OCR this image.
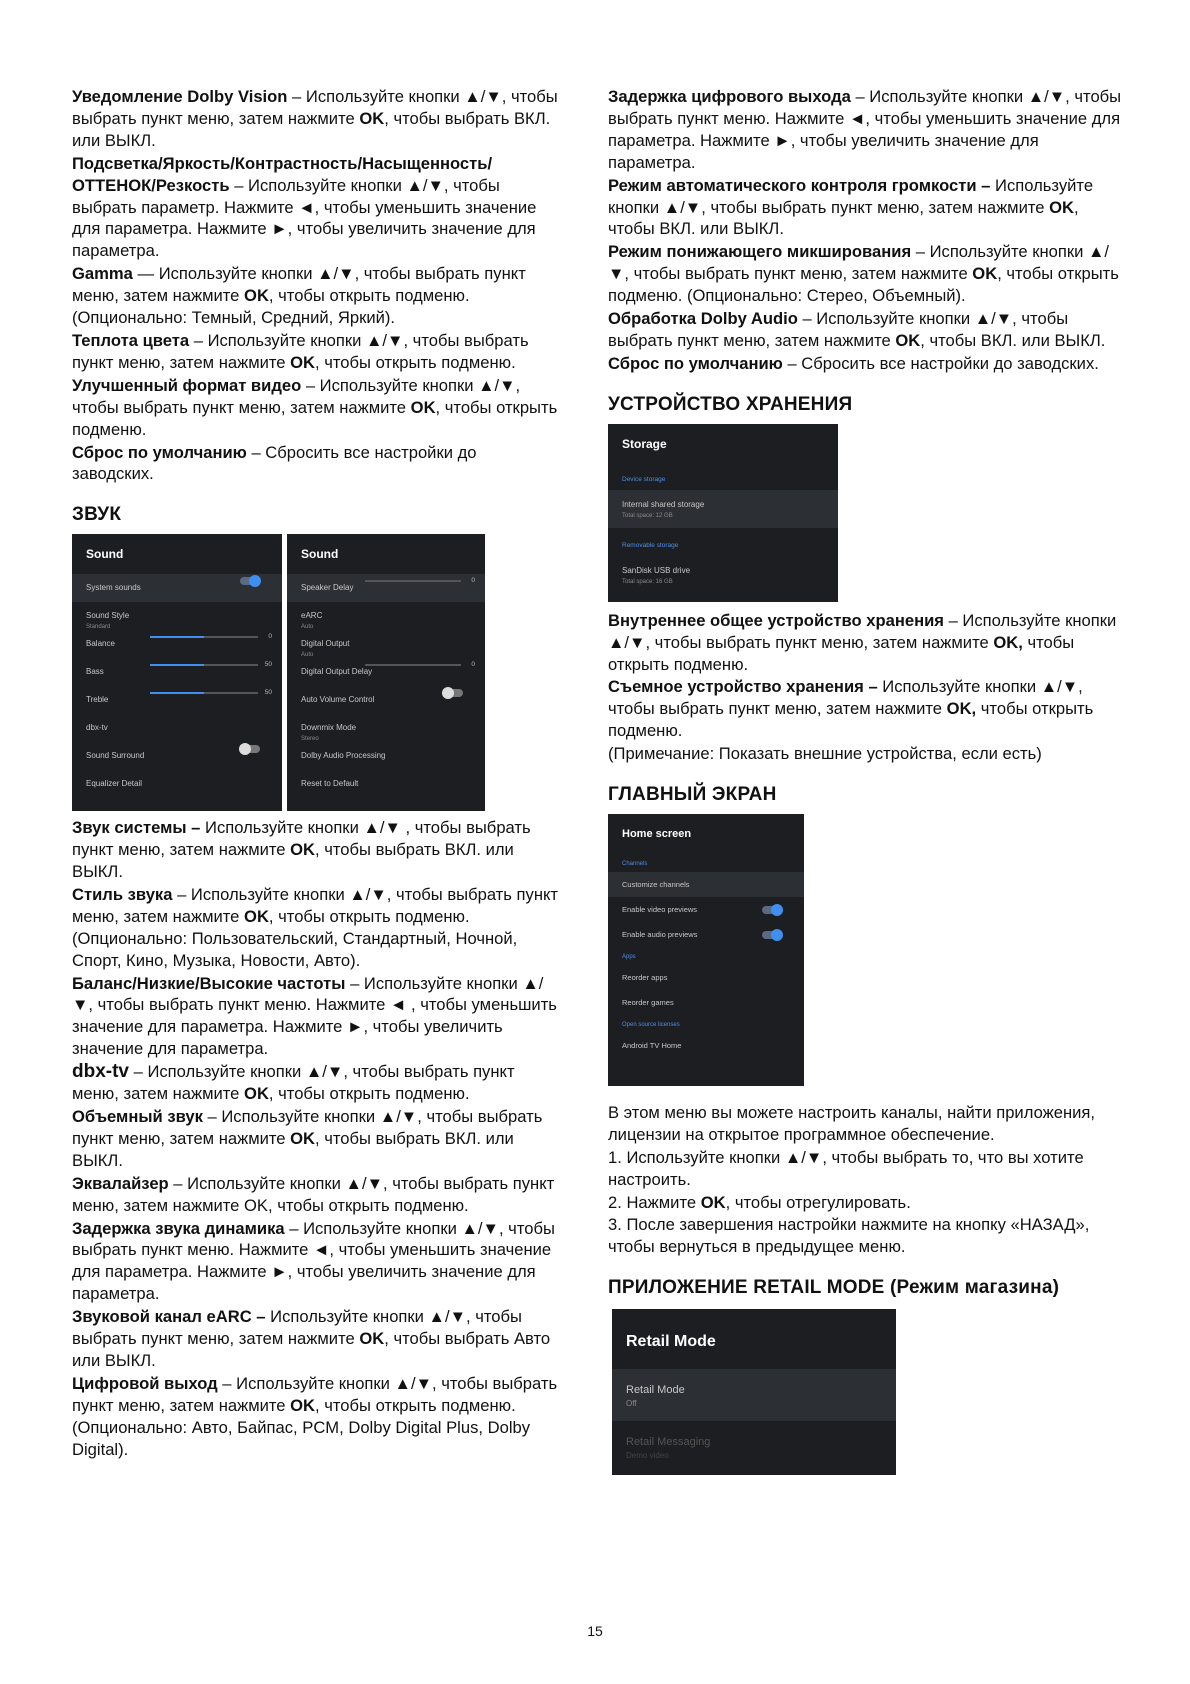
Уведомление Dolby Vision – Используйте кнопки ▲/▼, чтобы выбрать пункт меню, затем нажмите OK, чтобы выбрать ВКЛ. или ВЫКЛ.
Подсветка/Яркость/Контрастность/Насыщенность/ ОТТЕНОК/Резкость – Используйте кнопки ▲/▼, чтобы выбрать параметр. Нажмите ◄, чтобы уменьшить значение для параметра. Нажмите ►, чтобы увеличить значение для параметра.
Gamma — Используйте кнопки ▲/▼, чтобы выбрать пункт меню, затем нажмите OK, чтобы открыть подменю. (Опционально: Темный, Средний, Яркий).
Теплота цвета – Используйте кнопки ▲/▼, чтобы выбрать пункт меню, затем нажмите OK, чтобы открыть подменю.
Улучшенный формат видео – Используйте кнопки ▲/▼, чтобы выбрать пункт меню, затем нажмите OK, чтобы открыть подменю.
Сброс по умолчанию – Сбросить все настройки до заводских.
ЗВУК
Sound
System sounds
Sound Style
Standard
Balance
0
Bass
50
Treble
50
dbx-tv
Sound Surround
Equalizer Detail
Sound
Speaker Delay
0
eARC
Auto
Digital Output
Auto
Digital Output Delay
0
Auto Volume Control
Downmix Mode
Stereo
Dolby Audio Processing
Reset to Default
Звук системы – Используйте кнопки ▲/▼ , чтобы выбрать пункт меню, затем нажмите OK, чтобы выбрать ВКЛ. или ВЫКЛ.
Стиль звука – Используйте кнопки ▲/▼, чтобы выбрать пункт меню, затем нажмите OK, чтобы открыть подменю. (Опционально: Пользовательский, Стандартный, Ночной, Спорт, Кино, Музыка, Новости, Авто).
Баланс/Низкие/Высокие частоты – Используйте кнопки ▲/▼, чтобы выбрать пункт меню. Нажмите ◄ , чтобы уменьшить значение для параметра. Нажмите ►, чтобы увеличить значение для параметра.
dbx-tv – Используйте кнопки ▲/▼, чтобы выбрать пункт меню, затем нажмите OK, чтобы открыть подменю.
Объемный звук – Используйте кнопки ▲/▼, чтобы выбрать пункт меню, затем нажмите OK, чтобы выбрать ВКЛ. или ВЫКЛ.
Эквалайзер – Используйте кнопки ▲/▼, чтобы выбрать пункт меню, затем нажмите OK, чтобы открыть подменю.
Задержка звука динамика – Используйте кнопки ▲/▼, чтобы выбрать пункт меню. Нажмите ◄, чтобы уменьшить значение для параметра. Нажмите ►, чтобы увеличить значение для параметра.
Звуковой канал eARC – Используйте кнопки ▲/▼, чтобы выбрать пункт меню, затем нажмите OK, чтобы выбрать Авто или ВЫКЛ.
Цифровой выход – Используйте кнопки ▲/▼, чтобы выбрать пункт меню, затем нажмите OK, чтобы открыть подменю. (Опционально: Авто, Байпас, PCM, Dolby Digital Plus, Dolby Digital).
Задержка цифрового выхода – Используйте кнопки ▲/▼, чтобы выбрать пункт меню. Нажмите ◄, чтобы уменьшить значение для параметра. Нажмите ►, чтобы увеличить значение для параметра.
Режим автоматического контроля громкости – Используйте кнопки ▲/▼, чтобы выбрать пункт меню, затем нажмите OK, чтобы ВКЛ. или ВЫКЛ.
Режим понижающего микширования – Используйте кнопки ▲/▼, чтобы выбрать пункт меню, затем нажмите OK, чтобы открыть подменю. (Опционально: Стерео, Объемный).
Обработка Dolby Audio – Используйте кнопки ▲/▼, чтобы выбрать пункт меню, затем нажмите OK, чтобы ВКЛ. или ВЫКЛ.
Сброс по умолчанию – Сбросить все настройки до заводских.
УСТРОЙСТВО ХРАНЕНИЯ
Storage
Device storage
Internal shared storage
Total space: 12 GB
Removable storage
SanDisk USB drive
Total space: 16 GB
Внутреннее общее устройство хранения – Используйте кнопки ▲/▼, чтобы выбрать пункт меню, затем нажмите OK, чтобы открыть подменю.
Съемное устройство хранения – Используйте кнопки ▲/▼, чтобы выбрать пункт меню, затем нажмите OK, чтобы открыть подменю.
(Примечание: Показать внешние устройства, если есть)
ГЛАВНЫЙ ЭКРАН
Home screen
Channels
Customize channels
Enable video previews
Enable audio previews
Apps
Reorder apps
Reorder games
Open source licenses
Android TV Home
В этом меню вы можете настроить каналы, найти приложения, лицензии на открытое программное обеспечение.
1. Используйте кнопки ▲/▼, чтобы выбрать то, что вы хотите настроить.
2. Нажмите OK, чтобы отрегулировать.
3. После завершения настройки нажмите на кнопку «НАЗАД», чтобы вернуться в предыдущее меню.
ПРИЛОЖЕНИЕ RETAIL MODE (Режим магазина)
Retail Mode
Retail Mode
Off
Retail Messaging
Demo video
15
